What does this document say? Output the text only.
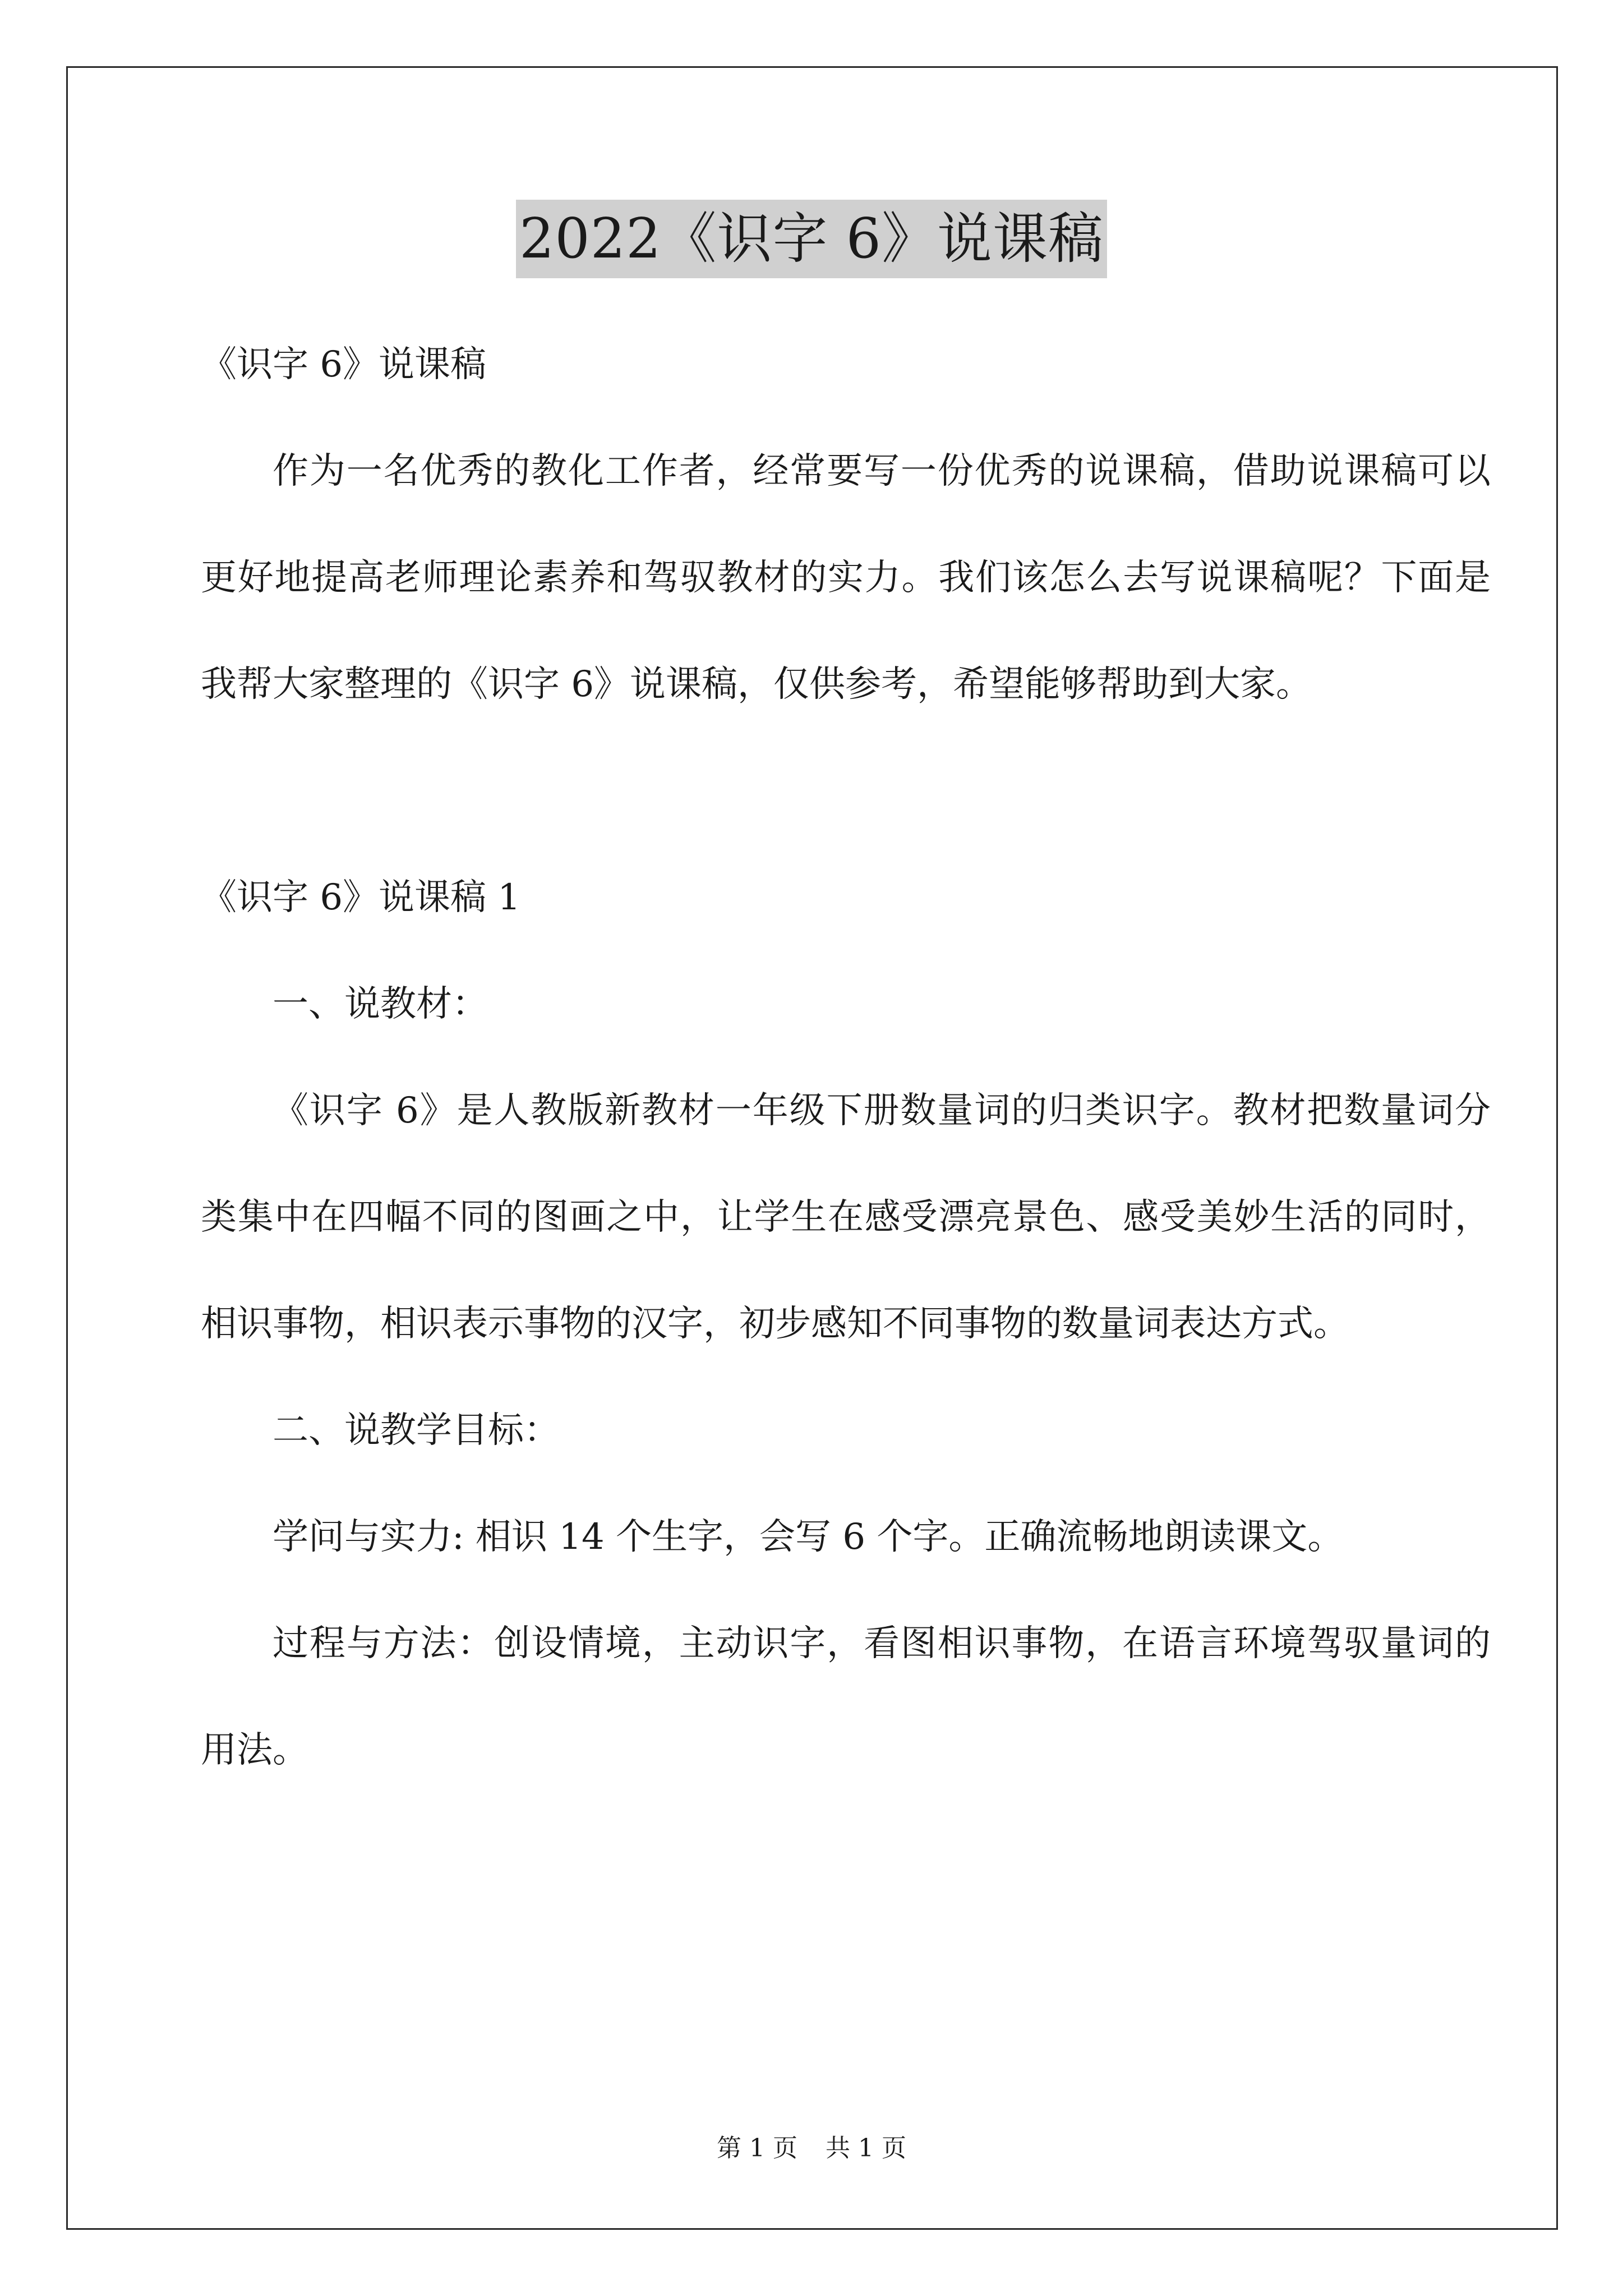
2022《识字 6》说课稿

《识字 6》说课稿

作为一名优秀的教化工作者，经常要写一份优秀的说课稿，借助说课稿可以更好地提高老师理论素养和驾驭教材的实力。我们该怎么去写说课稿呢？下面是我帮大家整理的《识字 6》说课稿，仅供参考，希望能够帮助到大家。

《识字 6》说课稿 1

一、说教材：

《识字 6》是人教版新教材一年级下册数量词的归类识字。教材把数量词分类集中在四幅不同的图画之中，让学生在感受漂亮景色、感受美妙生活的同时，相识事物，相识表示事物的汉字，初步感知不同事物的数量词表达方式。

二、说教学目标：

学问与实力: 相识 14 个生字，会写 6 个字。正确流畅地朗读课文。

过程与方法：创设情境，主动识字，看图相识事物，在语言环境驾驭量词的用法。

第 1 页 共 1 页
